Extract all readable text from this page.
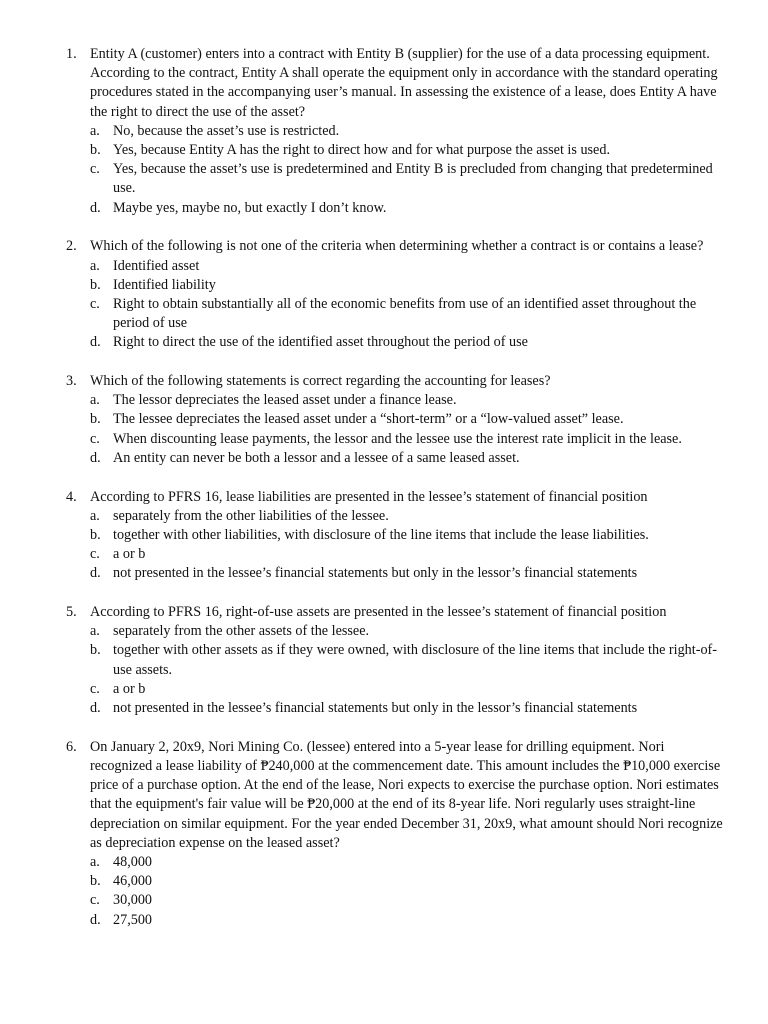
1. Entity A (customer) enters into a contract with Entity B (supplier) for the use of a data processing equipment. According to the contract, Entity A shall operate the equipment only in accordance with the standard operating procedures stated in the accompanying user’s manual. In assessing the existence of a lease, does Entity A have the right to direct the use of the asset?
a. No, because the asset’s use is restricted.
b. Yes, because Entity A has the right to direct how and for what purpose the asset is used.
c. Yes, because the asset’s use is predetermined and Entity B is precluded from changing that predetermined use.
d. Maybe yes, maybe no, but exactly I don’t know.
2. Which of the following is not one of the criteria when determining whether a contract is or contains a lease?
a. Identified asset
b. Identified liability
c. Right to obtain substantially all of the economic benefits from use of an identified asset throughout the period of use
d. Right to direct the use of the identified asset throughout the period of use
3. Which of the following statements is correct regarding the accounting for leases?
a. The lessor depreciates the leased asset under a finance lease.
b. The lessee depreciates the leased asset under a “short-term” or a “low-valued asset” lease.
c. When discounting lease payments, the lessor and the lessee use the interest rate implicit in the lease.
d. An entity can never be both a lessor and a lessee of a same leased asset.
4. According to PFRS 16, lease liabilities are presented in the lessee’s statement of financial position
a. separately from the other liabilities of the lessee.
b. together with other liabilities, with disclosure of the line items that include the lease liabilities.
c. a or b
d. not presented in the lessee’s financial statements but only in the lessor’s financial statements
5. According to PFRS 16, right-of-use assets are presented in the lessee’s statement of financial position
a. separately from the other assets of the lessee.
b. together with other assets as if they were owned, with disclosure of the line items that include the right-of-use assets.
c. a or b
d. not presented in the lessee’s financial statements but only in the lessor’s financial statements
6. On January 2, 20x9, Nori Mining Co. (lessee) entered into a 5-year lease for drilling equipment. Nori recognized a lease liability of ₱240,000 at the commencement date. This amount includes the ₱10,000 exercise price of a purchase option. At the end of the lease, Nori expects to exercise the purchase option. Nori estimates that the equipment's fair value will be ₱20,000 at the end of its 8-year life. Nori regularly uses straight-line depreciation on similar equipment. For the year ended December 31, 20x9, what amount should Nori recognize as depreciation expense on the leased asset?
a. 48,000
b. 46,000
c. 30,000
d. 27,500
